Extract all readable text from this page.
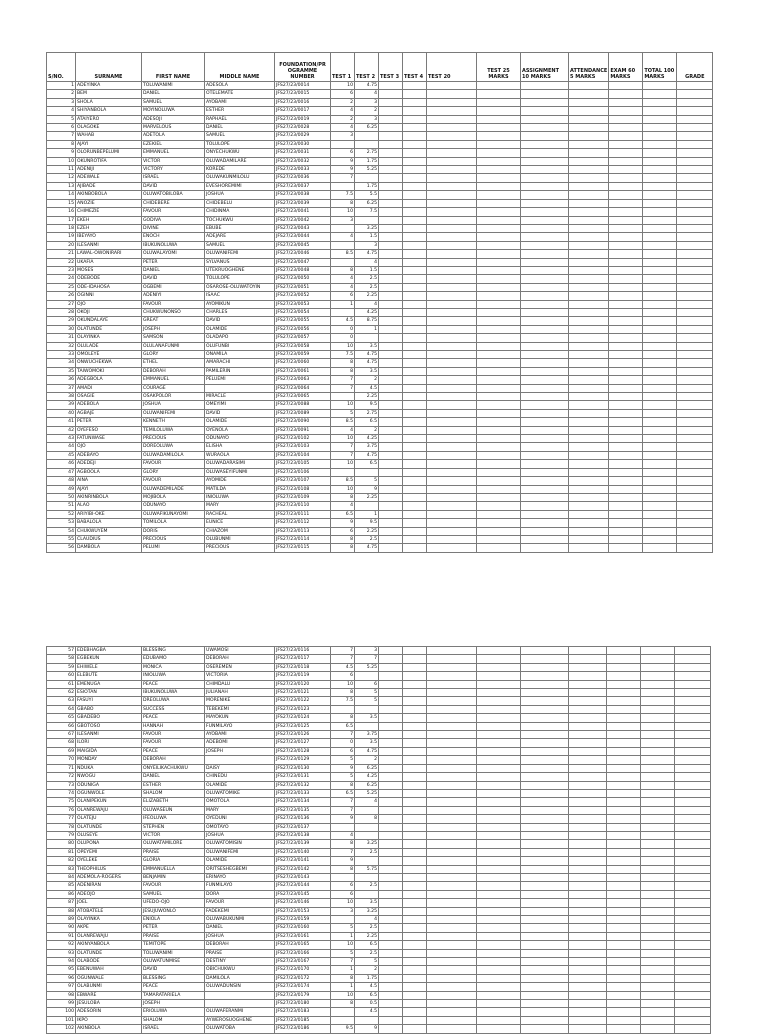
S/NO.	SURNAME	FIRST NAME	MIDDLE NAME	FOUNDATION/PR OGRAMME NUMBER	TEST 1	TEST 2	TEST 3	TEST 4	TEST 20	TEST 25 MARKS	ASSIGNMENT 10 MARKS	ATTENDANCE 5 MARKS	EXAM 60 MARKS	TOTAL 100 MARKS	GRADE
1	ADEYINKA	TOLUWANIMI	ADESOLA	JFS27/23/0014	10	4.75									
2	BEM	DANIEL	OTELEMATE	JFS27/23/0015	6	4									
3	SHOLA	SAMUEL	AYOBAMI	JFS27/23/0016	2	3									
4	SHIYANBOLA	MOYINOLUWA	ESTHER	JFS27/23/0017	4	2									
5	ATAIYERO	ADESOJI	RAPHAEL	JFS27/23/0019	2	3									
6	OLAGOKE	MARVELOUS	DANIEL	JFS27/23/0028	4	6.25									
7	WAHAB	ADETOLA	SAMUEL	JFS27/23/0029	3										
8	AJAYI	EZEKIEL	TOLULOPE	JFS27/23/0030											
9	OLORUNBEPELUMI	EMMANUEL	ONYECHUKWU	JFS27/23/0031	6	2.75									
10	OKUNROTIFA	VICTOR	OLUWADAMILARE	JFS27/23/0032	9	1.75									
11	ADENIJI	VICTORY	KOREDE	JFS27/23/0033	9	5.25									
12	ADEWALE	ISRAEL	OLUWAKUNMILOLU	JFS27/23/0036	7										
13	AJIBADE	DAVID	EVESHOREMIMI	JFS27/23/0037		1.75									
14	AKINBOBOLA	OLUWATOBILOBA	JOSHUA	JFS27/23/0038	7.5	5.5									
15	ANOZIE	CHIDEBERE	CHIDEBELU	JFS27/23/0039	8	6.25									
16	CHIMEZIE	FAVOUR	CHIDINMA	JFS27/23/0041	10	7.5									
17	EKEH	GODIVA	TOCHUKWU	JFS27/23/0042	3										
18	EZEH	DIVINE	EBUBE	JFS27/23/0043		3.25									
19	IBEYAYO	ENOCH	ADEJARE	JFS27/23/0044	4	1.5									
20	ILESANMI	IBUKUNOLUWA	SAMUEL	JFS27/23/0045		3									
21	LAWAL-OWONIRARI	OLUWALAYOMI	OLUWANIFEMI	JFS27/23/0046	8.5	4.75									
22	UKAFIA	PETER	SYLVANUS	JFS27/23/0047		4									
23	MOSES	DANIEL	UTEKRUOGHENE	JFS27/23/0048	8	1.5									
24	ODEBODE	DAVID	TOLULOPE	JFS27/23/0050	4	2.5									
25	ODE-IDAHOSA	OGBEMI	OSAROSE-OLUWATOYIN	JFS27/23/0051	4	2.5									
26	OGINNI	ADENIYI	ISAAC	JFS27/23/0052	6	2.25									
27	OJO	FAVOUR	AYOMIKUN	JFS27/23/0053	1	4									
28	OKOJI	CHUKWUNONSO	CHARLES	JFS27/23/0054		4.25									
29	OKUNDALAYE	GREAT	DAVID	JFS27/23/0055	4.5	8.75									
30	OLATUNDE	JOSEPH	OLAMIDE	JFS27/23/0056	0	1									
31	OLAYINKA	SAMSON	OLADAPO	JFS27/23/0057	0										
32	OLULADE	OLULANAFUNMI	OLUFUNBI	JFS27/23/0058	10	3.5									
33	OMOLEYE	GLORY	ONAMILA	JFS27/23/0059	7.5	4.75									
34	ONWUCHEKWA	ETHEL	AMARACHI	JFS27/23/0060	8	4.75									
35	TAIWOMOKI	DEBORAH	PAMILERIN	JFS27/23/0061	8	3.5									
36	ADEGBOLA	EMMANUEL	PELUEMI	JFS27/23/0063	7	2									
37	AMADI	COURAGE		JFS27/23/0064	7	4.5									
38	OSAGIE	OSAKPOLOR	MIRACLE	JFS27/23/0065		2.25									
39	ADEBOLA	JOSHUA	OMEYIMI	JFS27/23/0088	10	9.5									
40	AGBAJE	OLUWANIFEMI	DAVID	JFS27/23/0089	5	2.75									
41	PETER	KENNETH	OLAMIDE	JFS27/23/0090	8.5	6.5									
42	OYEFESO	TEMILOLUWA	OYENOLA	JFS27/23/0091	4	2									
43	FATUNWASE	PRECIOUS	ODUNAYO	JFS27/23/0102	10	4.25									
44	OJO	DOREOLUWA	ELISHA	JFS27/23/0103	7	3.75									
45	ADEBAYO	OLUWADAMILOLA	WURAOLA	JFS27/23/0104	7	4.75									
46	ADEDEJI	FAVOUR	OLUWADARASIMI	JFS27/23/0105	10	6.5									
47	AGBOOLA	GLORY	OLUWASEYIFUNMI	JFS27/23/0106											
48	AINA	FAVOUR	AYOMIDE	JFS27/23/0107	8.5	5									
49	AJAYI	OLUWADEMILADE	MATILDA	JFS27/23/0108	10	9									
50	AKINRINBOLA	MOJIBOLA	INIOLUWA	JFS27/23/0109	8	2.25									
51	ALAO	ODUNAYO	MARY	JFS27/23/0110	4										
52	ARIYIBI-OKE	OLUWAFIKUNAYOMI	RACHEAL	JFS27/23/0111	6.5	1									
53	BABALOLA	TOMILOLA	EUNICE	JFS27/23/0112	9	9.5									
54	CHUKWUYEM	DORIS	CHIAZOM	JFS27/23/0113	6	2.25									
55	CLAUDIUS	PRECIOUS	OLUBUNMI	JFS27/23/0114	8	2.5									
56	DAMBOLA	PELUMI	PRECIOUS	JFS27/23/0115	8	4.75									
57	EDEBHAGBA	BLESSING	UWAMOSI	JFS27/23/0116	7	3									
58	EGBEKUN	EDUBAMO	DEBORAH	JFS27/23/0117	7	7									
59	EHIWELE	MONICA	OSEREMEN	JFS27/23/0118	4.5	5.25									
60	ELEBUTE	INIOLUWA	VICTORIA	JFS27/23/0119	6										
61	EMENUGA	PEACE	CHIMDALU	JFS27/23/0120	10	6									
62	ESIOTAN	IBUKUNOLUWA	JULIANAH	JFS27/23/0121	8	5									
63	FASUYI	DREOLUWA	MORENIKE	JFS27/23/0122	7.5	5									
64	GBABO	SUCCESS	TEBEKEMI	JFS27/23/0123											
65	GBADEBO	PEACE	MAYOKUN	JFS27/23/0124	8	3.5									
66	GBOTOSO	HANNAH	FUNMILAYO	JFS27/23/0125	6.5										
67	ILESANMI	FAVOUR	AYOBAMI	JFS27/23/0126	7	3.75									
68	ILORI	FAVOUR	ADEBOMI	JFS27/23/0127	0	3.5									
69	MAIGIDA	PEACE	JOSEPH	JFS27/23/0128	6	4.75									
70	MONDAY	DEBORAH		JFS27/23/0129	5	2									
71	NDUKA	ONYEILIKACHUKWU	DAISY	JFS27/23/0130	9	6.25									
72	NWOGU	DANIEL	CHINEDU	JFS27/23/0131	5	4.25									
73	ODUNIGA	ESTHER	OLAMIDE	JFS27/23/0132	8	6.25									
74	OGUNWOLE	SHALOM	OLUWATOMIKE	JFS27/23/0133	6.5	5.25									
75	OLANIPEKUN	ELIZABETH	OMOTOLA	JFS27/23/0134	7	4									
76	OLANREWAJU	OLUWASEUN	MARY	JFS27/23/0135	7										
77	OLATEJU	IFEOLUWA	OYEDUNI	JFS27/23/0136	9	8									
78	OLATUNDE	STEPHEN	OMOTAYO	JFS27/23/0137											
79	OLUSEYE	VICTOR	JOSHUA	JFS27/23/0138	4										
80	OLUPONA	OLUWATAMILORE	OLUWATOMISIN	JFS27/23/0139	8	3.25									
81	OPEYEMI	PRAISE	OLUWANIFEMI	JFS27/23/0140	7	2.5									
82	OYELEKE	GLORIA	OLAMIDE	JFS27/23/0141	9										
83	THEOPHILUS	EMMANUELLA	ORITSESHEGBEMI	JFS27/23/0142	8	5.75									
84	ADEMOLA-ROGERS	BENJAMIN	ERINAYO	JFS27/23/0143											
85	ADENIRAN	FAVOUR	FUNMILAYO	JFS27/23/0144	6	2.5									
86	ADEOJO	SAMUEL	DORA	JFS27/23/0145	6										
87	JOEL	UFEDO-OJO	FAVOUR	JFS27/23/0146	10	3.5									
88	ATOBATELE	JESUJUWONLO	FADEKEMI	JFS27/23/0153	3	3.25									
89	OLAYINKA	ENIOLA	OLUWABUKUNMI	JFS27/23/0159		4									
90	AKPE	PETER	DANIEL	JFS27/23/0160	5	2.5									
91	OLANREWAJU	PRAISE	JOSHUA	JFS27/23/0161	1	2.25									
92	AKINYANBOLA	TEMITOPE	DEBORAH	JFS27/23/0165	10	6.5									
93	OLATUNDE	TOLUWANIMI	PRAISE	JFS27/23/0166	5	2.5									
94	OLABODE	OLUWATUNMISE	DESTINY	JFS27/23/0167	7	5									
95	EBENUWAH	DAVID	OBICHUKWU	JFS27/23/0170	1	2									
96	OGUNWALE	BLESSING	DAMILOLA	JFS27/23/0172	8	1.75									
97	OLABUNMI	PEACE	OLUWADUNSIN	JFS27/23/0174	1	4.5									
98	EBWARE	TAMARATARIELA		JFS27/23/0179	10	6.5									
99	JESULOBA	JOSEPH		JFS27/23/0180	8	0.5									
100	ADESORIN	ERIOLUWA	OLUWAFERANMI	JFS27/23/0183		4.5									
101	IKPO	SHALOM	AYWEROSUOGHENE	JFS27/23/0185											
102	AKINBOLA	ISRAEL	OLUWATOBA	JFS27/23/0186	9.5	9									
